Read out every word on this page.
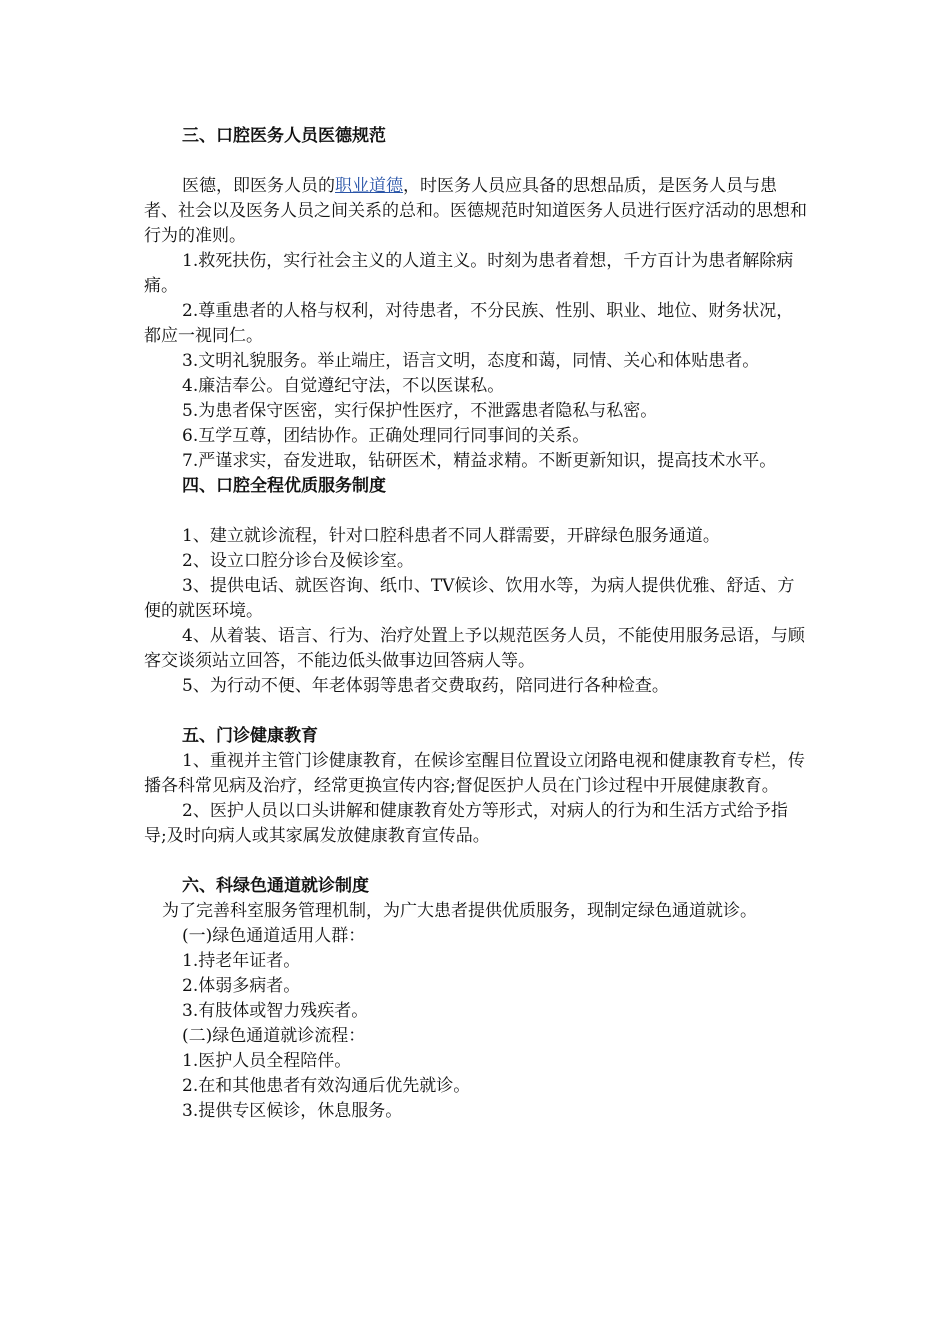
三、口腔医务人员医德规范

医德，即医务人员的职业道德，时医务人员应具备的思想品质，是医务人员与患者、社会以及医务人员之间关系的总和。医德规范时知道医务人员进行医疗活动的思想和行为的准则。

1.救死扶伤，实行社会主义的人道主义。时刻为患者着想，千方百计为患者解除病痛。

2.尊重患者的人格与权利，对待患者，不分民族、性别、职业、地位、财务状况，都应一视同仁。

3.文明礼貌服务。举止端庄，语言文明，态度和蔼，同情、关心和体贴患者。

4.廉洁奉公。自觉遵纪守法，不以医谋私。

5.为患者保守医密，实行保护性医疗，不泄露患者隐私与私密。

6.互学互尊，团结协作。正确处理同行同事间的关系。

7.严谨求实，奋发进取，钻研医术，精益求精。不断更新知识，提高技术水平。

四、口腔全程优质服务制度

1、建立就诊流程，针对口腔科患者不同人群需要，开辟绿色服务通道。

2、设立口腔分诊台及候诊室。

3、提供电话、就医咨询、纸巾、TV候诊、饮用水等，为病人提供优雅、舒适、方便的就医环境。

4、从着装、语言、行为、治疗处置上予以规范医务人员，不能使用服务忌语，与顾客交谈须站立回答，不能边低头做事边回答病人等。

5、为行动不便、年老体弱等患者交费取药，陪同进行各种检查。

五、门诊健康教育

1、重视并主管门诊健康教育，在候诊室醒目位置设立闭路电视和健康教育专栏，传播各科常见病及治疗，经常更换宣传内容;督促医护人员在门诊过程中开展健康教育。

2、医护人员以口头讲解和健康教育处方等形式，对病人的行为和生活方式给予指导;及时向病人或其家属发放健康教育宣传品。

六、科绿色通道就诊制度

为了完善科室服务管理机制，为广大患者提供优质服务，现制定绿色通道就诊。

(一)绿色通道适用人群：

1.持老年证者。

2.体弱多病者。

3.有肢体或智力残疾者。

(二)绿色通道就诊流程：

1.医护人员全程陪伴。

2.在和其他患者有效沟通后优先就诊。

3.提供专区候诊，休息服务。
